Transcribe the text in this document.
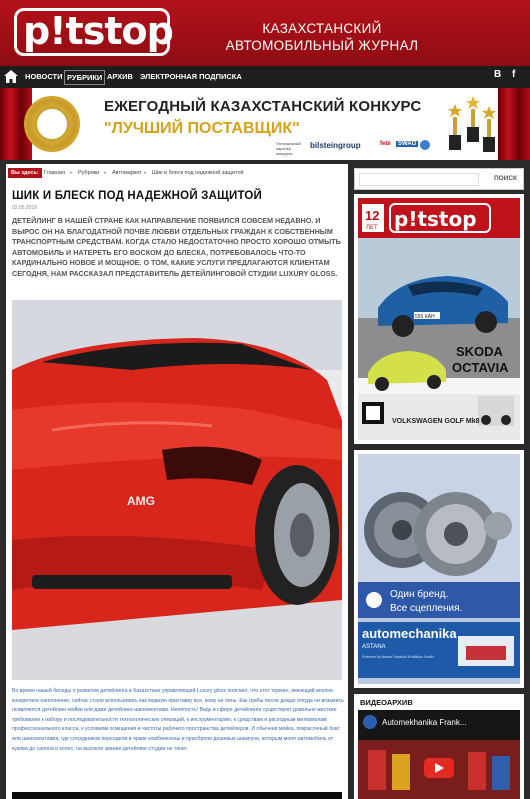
p!tstop	КАЗАХСТАНСКИЙ
АВТОМОБИЛЬНЫЙ ЖУРНАЛ
НОВОСТИ РУБРИКИ АРХИВ ЭЛЕКТРОННАЯ ПОДПИСКА	В f
ЕЖЕГОДНЫЙ КАЗАХСТАНСКИЙ КОНКУРС
"ЛУЧШИЙ ПОСТАВЩИК"
Генеральный партнёр конкурса
bilsteingroup	febi	SWAG
Вы здесь: Главная ▸ Рубрики ▸ Автомаркет ▸ Шик и блеск под надежной защитой
ШИК И БЛЕСК ПОД НАДЕЖНОЙ ЗАЩИТОЙ
02.05.2019

ДЕТЕЙЛИНГ В НАШЕЙ СТРАНЕ КАК НАПРАВЛЕНИЕ ПОЯВИЛСЯ СОВСЕМ НЕДАВНО. И ВЫРОС ОН НА БЛАГОДАТНОЙ ПОЧВЕ ЛЮБВИ ОТДЕЛЬНЫХ ГРАЖДАН К СОБСТВЕННЫМ ТРАНСПОРТНЫМ СРЕДСТВАМ. КОГДА СТАЛО НЕДОСТАТОЧНО ПРОСТО ХОРОШО ОТМЫТЬ АВТОМОБИЛЬ И НАТЕРЕТЬ ЕГО ВОСКОМ ДО БЛЕСКА, ПОТРЕБОВАЛОСЬ ЧТО-ТО КАРДИНАЛЬНО НОВОЕ И МОЩНОЕ. О ТОМ, КАКИЕ УСЛУГИ ПРЕДЛАГАЮТСЯ КЛИЕНТАМ СЕГОДНЯ, НАМ РАССКАЗАЛ ПРЕДСТАВИТЕЛЬ ДЕТЕЙЛИНГОВОЙ СТУДИИ LUXURY GLOSS.

AMG

Во время нашей беседы о развитии детейлинга в Казахстане управляющий Luxury gloss пояснил, что этот термин, имеющий вполне конкретное наполнение, сейчас стали использовать как модную приставку все, кому не лень. Как грибы после дождя откуда ни возьмись появляются детейлинг-мойки или даже детейлинг-шиномонтажи. Нелепость! Ведь в сфере детейлинга существуют довольно жесткие требования к набору и последовательности технологических операций, к инструментарию, к средствам и расходным материалам профессионального класса, к условиям освещения и чистоты рабочего пространства детейлеров. И обычная мойка, покрасочный бокс или шиномонтажка, где сотрудников переодели в яркие комбинезоны и приобрели дешевые шампуни, которым моют автомобиль от кузова до салона и колес, на высокое звание детейлинг-студии не тянет.

ПОИСК
12
ЛЕТ p!tstop
555 КАН
SKODA
OCTAVIA
VOLKSWAGEN GOLF Mk8
Один бренд.
Все сцепления.
automechanika
ASTANA
Powered by Messe Frankfurt Exhibition GmbH
ВИДЕОАРХИВ
Automekhanika Frank...
